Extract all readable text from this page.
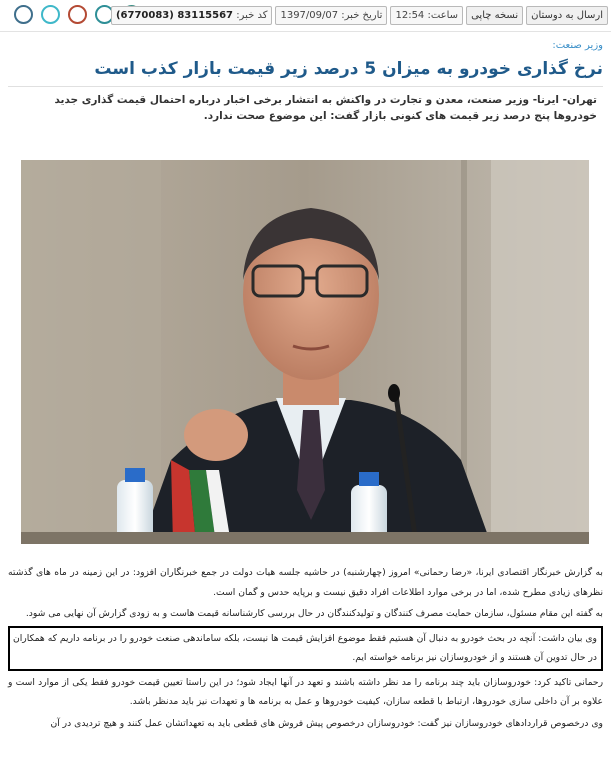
کد خبر: 83115567 (6770083)	تاریخ خبر: 1397/09/07	ساعت: 12:54	نسخه چاپی	ارسال به دوستان
وزیر صنعت:
نرخ گذاری خودرو به میزان 5 درصد زیر قیمت بازار کذب است
تهران- ایرنا- وزیر صنعت، معدن و تجارت در واکنش به انتشار برخی اخبار درباره احتمال قیمت گذاری جدید خودروها پنج درصد زیر قیمت های کنونی بازار گفت: این موضوع صحت ندارد.

به گزارش خبرنگار اقتصادی ایرنا، «رضا رحمانی» امروز (چهارشنبه) در حاشیه جلسه هیات دولت در جمع خبرنگاران افزود: در این زمینه در ماه های گذشته نظرهای زیادی مطرح شده، اما در برخی موارد اطلاعات افراد دقیق نیست و برپایه حدس و گمان است.

به گفته این مقام مسئول، سازمان حمایت مصرف کنندگان و تولیدکنندگان در حال بررسی کارشناسانه قیمت هاست و به زودی گزارش آن نهایی می شود.

وی بیان داشت: آنچه در بحث خودرو به دنبال آن هستیم فقط موضوع افزایش قیمت ها نیست، بلکه ساماندهی صنعت خودرو را در برنامه داریم که همکاران در حال تدوین آن هستند و از خودروسازان نیز برنامه خواسته ایم.

رحمانی تاکید کرد: خودروسازان باید چند برنامه را مد نظر داشته باشند و تعهد در آنها ایجاد شود؛ در این راستا تعیین قیمت خودرو فقط یکی از موارد است و علاوه بر آن داخلی سازی خودروها، ارتباط با قطعه سازان، کیفیت خودروها و عمل به برنامه ها و تعهدات نیز باید مدنظر باشد.

وی درخصوص قراردادهای خودروسازان نیز گفت: خودروسازان درخصوص پیش فروش های قطعی باید به تعهداتشان عمل کنند و هیچ تردیدی در آن
